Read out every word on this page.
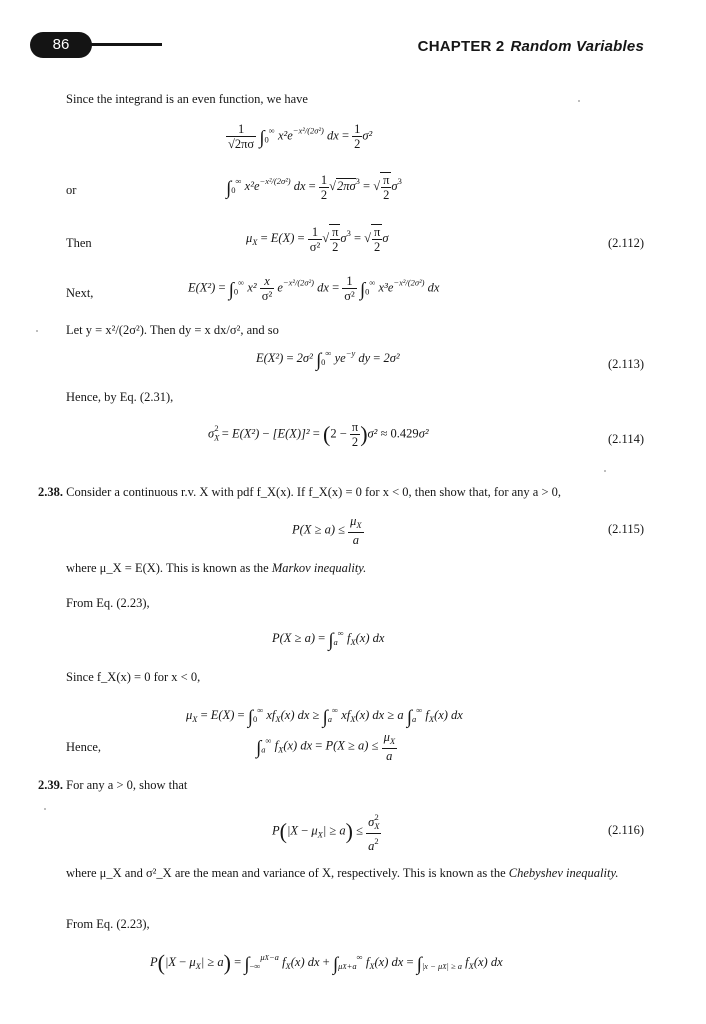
86	CHAPTER 2 Random Variables
Since the integrand is an even function, we have
$\frac{1}{√2\pi\sigma} \int_0^\infty$ $x^2e^{-x^2/(2\sigma^2)}$ dx = $\frac{1}{2} \sigma^2$
or	$\int_0^\infty$ $x^2e^{-x^2/(2\sigma^2)}$ dx = $\frac{1}{2} √2\pi\sigma^3$ = √ $\frac{\pi}{2} \sigma^3$
Then	$\mu_X = E(X) = \frac{1}{\text{σ²}}$ √ $\frac{\pi}{2} \sigma^3$ = √ $\frac{\pi}{2}$ σ	(2.112)
Next,	$E(X^2) = \int_0^\infty$ $x^2 \frac{x}{\text{σ²}} e^{-x^2/(2\sigma^2)}$ dx = $\frac{1}{\text{σ²}} \int_0^\infty$ $x^3e^{-x^2/(2\sigma^2)}$ dx
Let y = x²/(2σ²). Then dy = x dx/σ², and so
E(X²) = 2σ² $\int_0^\infty$ $ye^{-y}$ dy = 2σ²	(2.113)
Hence, by Eq. (2.31),
$\sigma_X^2 = E(X^2) - [E(X)]^2 = (2 - \frac{\pi}{2} )\sigma^2 \approx 0.429\sigma^2$	(2.114)
2.38. Consider a continuous r.v. X with pdf f_X(x). If f_X(x) = 0 for x < 0, then show that, for any a > 0,
$P(X \ge a) \le \frac{\mu_X}{a}$	(2.115)
where μ_X = E(X). This is known as the Markov inequality.
From Eq. (2.23),
$P(X \ge a) = \int_a^\infty$ $f_X(x)$ dx
Since f_X(x) = 0 for x < 0,
$\mu_X = E(X) = \int_0^\infty$ $xf_X(x)$ dx ≥ $\int_a^\infty$ $xf_X(x)$ dx ≥ a $\int_a^\infty$ $f_X(x)$ dx
Hence,	$\int_a^\infty$ $f_X(x)$ dx = $P(X \ge a) \le \frac{\mu_X}{a}$
2.39. For any a > 0, show that
$P(|X - \mu_X| \ge a) \le \frac{\sigma_X^2}{a^2}$	(2.116)
where μ_X and σ²_X are the mean and variance of X, respectively. This is known as the Chebyshev inequality.
From Eq. (2.23),
$P(|X - \mu_X| \ge a) = \int_{-\infty}^{\mu X-a}$ $f_X(x)$ dx + $\int_{\mu X+a}^\infty$ $f_X(x)$ dx = $\int_{|x - \mu X| \ge a}$ $f_X(x)$ dx
